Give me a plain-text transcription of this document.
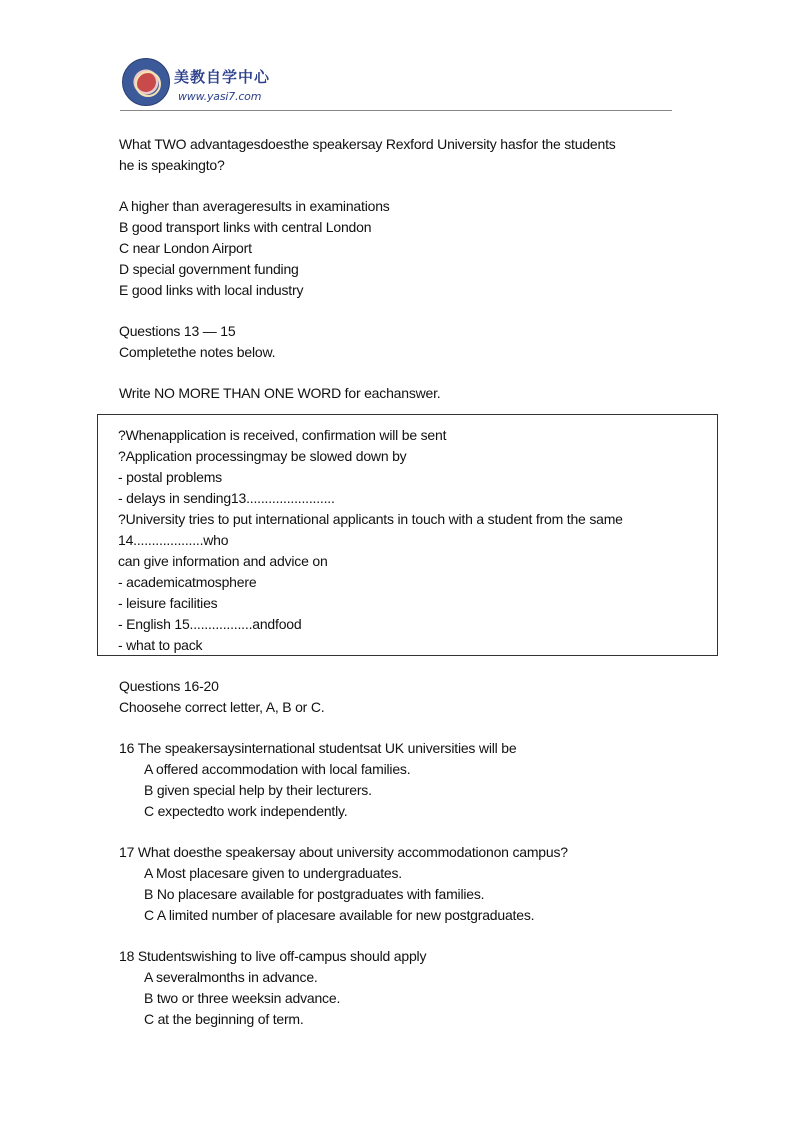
美教自学中心
www.yasi7.com
What TWO advantagesdoesthe speakersay Rexford University hasfor the students
he is speakingto?
A higher than averageresults in examinations
B good transport links with central London
C near London Airport
D special government funding
E good links with local industry
Questions 13 — 15
Completethe notes below.
Write NO MORE THAN ONE WORD for eachanswer.
?Whenapplication is received, confirmation will be sent
?Application processingmay be slowed down by
- postal problems
- delays in sending13........................
?University tries to put international applicants in touch with a student from the same
14...................who
can give information and advice on
- academicatmosphere
- leisure facilities
- English 15.................andfood
- what to pack
Questions 16-20
Choosehe correct letter, A, B or C.
16 The speakersaysinternational studentsat UK universities will be
A offered accommodation with local families.
B given special help by their lecturers.
C expectedto work independently.
17 What doesthe speakersay about university accommodationon campus?
A Most placesare given to undergraduates.
B No placesare available for postgraduates with families.
C A limited number of placesare available for new postgraduates.
18 Studentswishing to live off-campus should apply
A severalmonths in advance.
B two or three weeksin advance.
C at the beginning of term.
